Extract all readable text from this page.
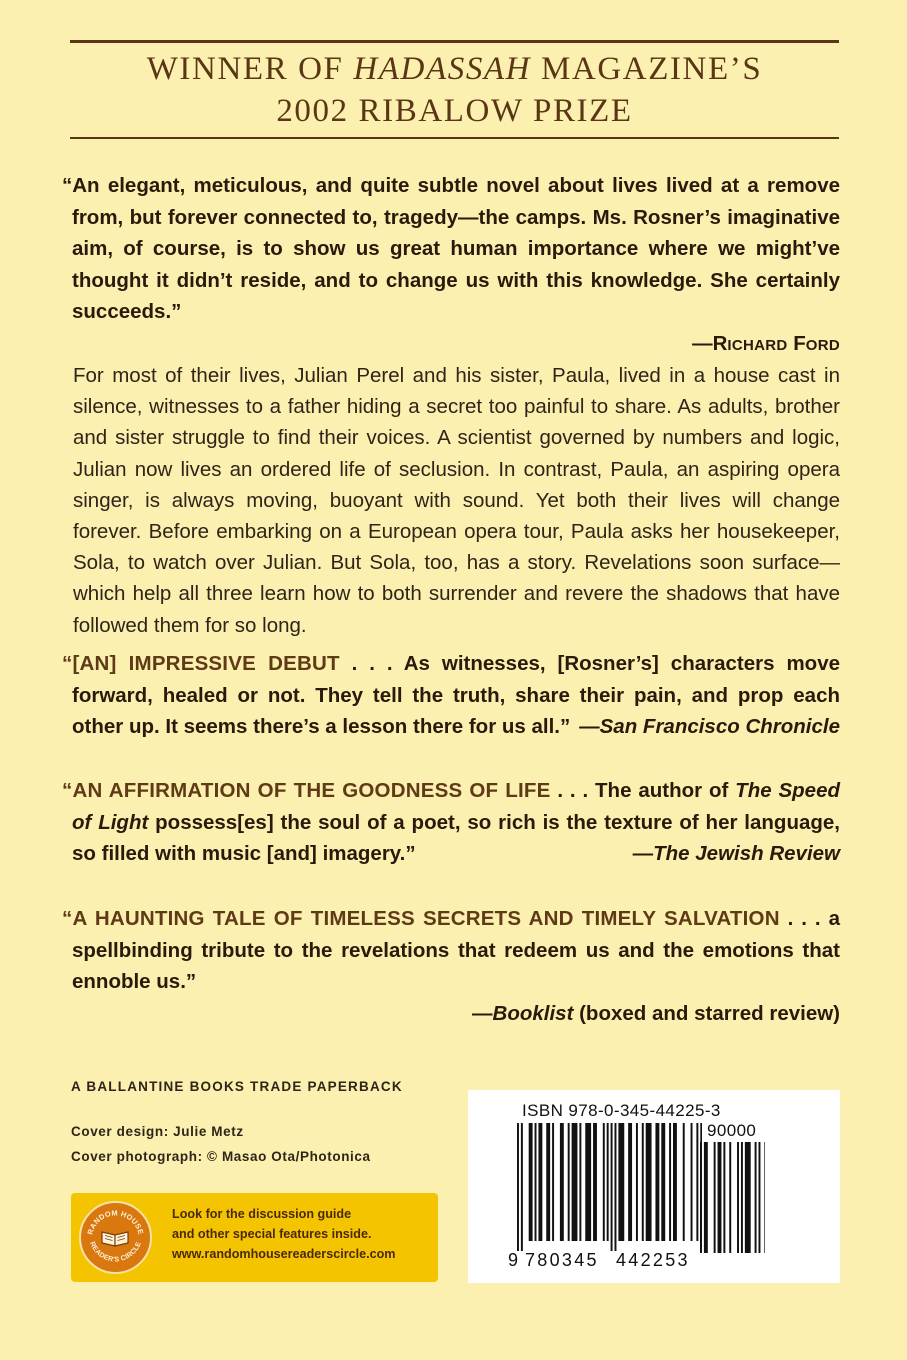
WINNER OF HADASSAH MAGAZINE’S
2002 RIBALOW PRIZE
“An elegant, meticulous, and quite subtle novel about lives lived at a remove from, but forever connected to, tragedy—the camps. Ms. Rosner’s imaginative aim, of course, is to show us great human importance where we might’ve thought it didn’t reside, and to change us with this knowledge. She certainly succeeds.”
—RICHARD FORD
For most of their lives, Julian Perel and his sister, Paula, lived in a house cast in silence, witnesses to a father hiding a secret too painful to share. As adults, brother and sister struggle to find their voices. A scientist governed by numbers and logic, Julian now lives an ordered life of seclusion. In contrast, Paula, an aspiring opera singer, is always moving, buoyant with sound. Yet both their lives will change forever. Before embarking on a European opera tour, Paula asks her housekeeper, Sola, to watch over Julian. But Sola, too, has a story. Revelations soon surface—which help all three learn how to both surrender and revere the shadows that have followed them for so long.
“[AN] IMPRESSIVE DEBUT . . . As witnesses, [Rosner’s] characters move forward, healed or not. They tell the truth, share their pain, and prop each other up. It seems there’s a lesson there for us all.” —San Francisco Chronicle
“AN AFFIRMATION OF THE GOODNESS OF LIFE . . . The author of The Speed of Light possess[es] the soul of a poet, so rich is the texture of her language, so filled with music [and] imagery.”	—The Jewish Review
“A HAUNTING TALE OF TIMELESS SECRETS AND TIMELY SALVATION . . . a spellbinding tribute to the revelations that redeem us and the emotions that ennoble us.”
—Booklist (boxed and starred review)
A BALLANTINE BOOKS TRADE PAPERBACK
Cover design: Julie Metz
Cover photograph: © Masao Ota/Photonica
RANDOM HOUSE
READER'S CIRCLE
Look for the discussion guide
and other special features inside.
www.randomhousereaderscircle.com
ISBN 978-0-345-44225-3
90000
9 780345 442253
